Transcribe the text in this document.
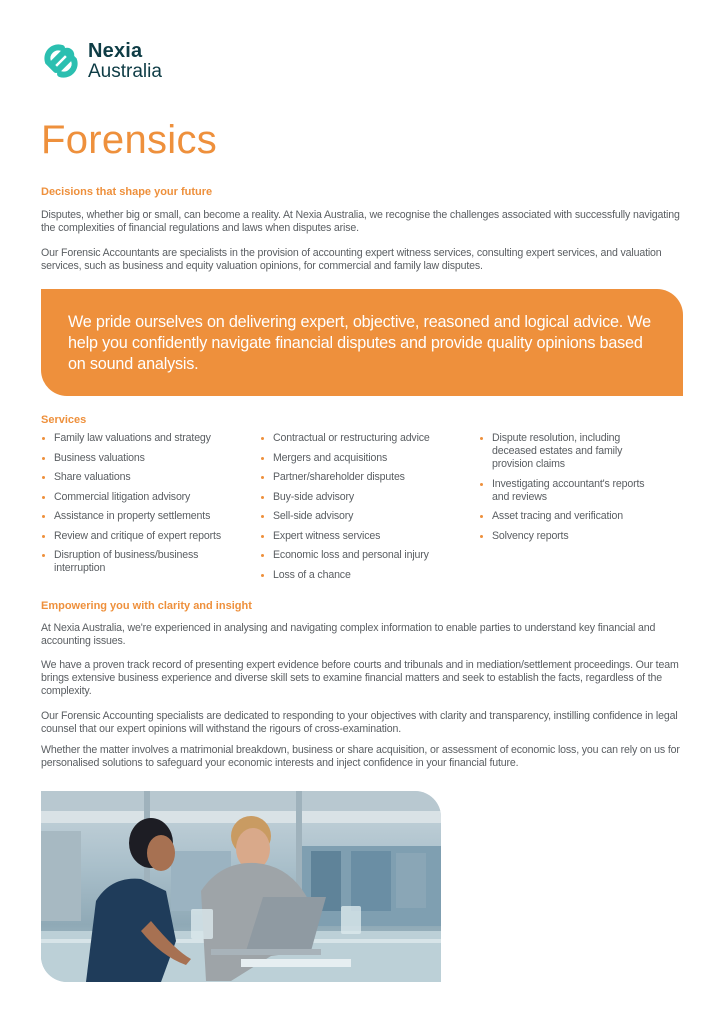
Nexia
Australia
Forensics
Decisions that shape your future

Disputes, whether big or small, can become a reality. At Nexia Australia, we recognise the challenges associated with successfully navigating the complexities of financial regulations and laws when disputes arise.

Our Forensic Accountants are specialists in the provision of accounting expert witness services, consulting expert services, and valuation services, such as business and equity valuation opinions, for commercial and family law disputes.

We pride ourselves on delivering expert, objective, reasoned and logical advice. We help you confidently navigate financial disputes and provide quality opinions based on sound analysis.

Services
Family law valuations and strategy
Business valuations
Share valuations
Commercial litigation advisory
Assistance in property settlements
Review and critique of expert reports
Disruption of business/business interruption
Contractual or restructuring advice
Mergers and acquisitions
Partner/shareholder disputes
Buy-side advisory
Sell-side advisory
Expert witness services
Economic loss and personal injury
Loss of a chance
Dispute resolution, including deceased estates and family provision claims
Investigating accountant's reports and reviews
Asset tracing and verification
Solvency reports
Empowering you with clarity and insight

At Nexia Australia, we're experienced in analysing and navigating complex information to enable parties to understand key financial and accounting issues.

We have a proven track record of presenting expert evidence before courts and tribunals and in mediation/settlement proceedings. Our team brings extensive business experience and diverse skill sets to examine financial matters and seek to establish the facts, regardless of the complexity.

Our Forensic Accounting specialists are dedicated to responding to your objectives with clarity and transparency, instilling confidence in legal counsel that our expert opinions will withstand the rigours of cross-examination.

Whether the matter involves a matrimonial breakdown, business or share acquisition, or assessment of economic loss, you can rely on us for personalised solutions to safeguard your economic interests and inject confidence in your financial future.
